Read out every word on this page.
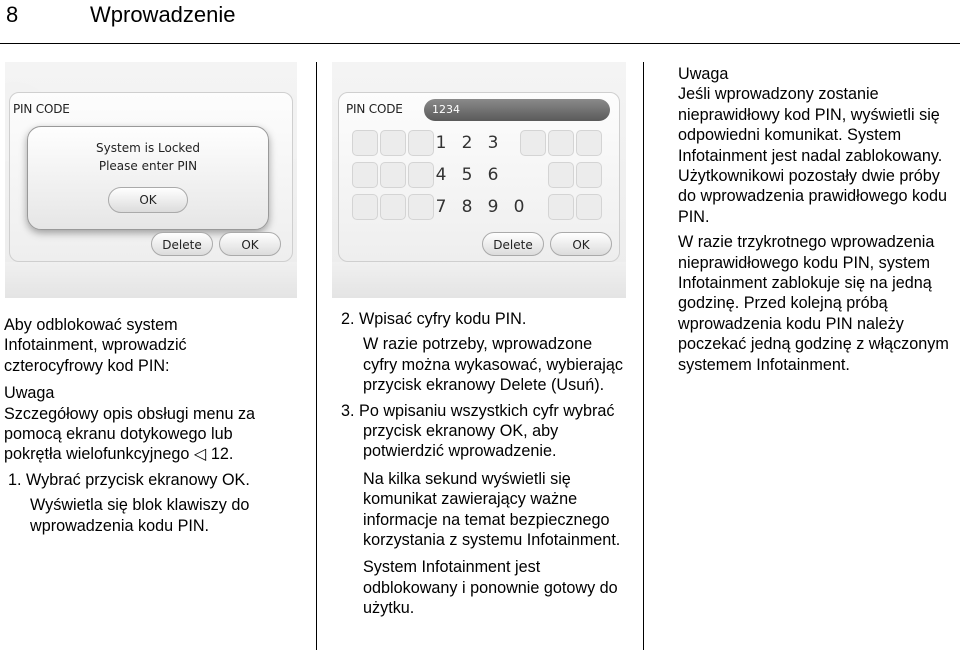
8	Wprowadzenie
PIN CODE
System is Locked
Please enter PIN
OK
Delete	OK
PIN CODE	1234
1 2 3
4 5 6
7 8 9 0
Delete	OK

Aby odblokować system Infotainment, wprowadzić czterocyfrowy kod PIN:

Uwaga

Szczegółowy opis obsługi menu za pomocą ekranu dotykowego lub pokrętła wielofunkcyjnego ◁ 12.

1. Wybrać przycisk ekranowy OK.

Wyświetla się blok klawiszy do wprowadzenia kodu PIN.

2. Wpisać cyfry kodu PIN.

W razie potrzeby, wprowadzone cyfry można wykasować, wybierając przycisk ekranowy Delete (Usuń).

3. Po wpisaniu wszystkich cyfr wybrać przycisk ekranowy OK, aby potwierdzić wprowadzenie.

Na kilka sekund wyświetli się komunikat zawierający ważne informacje na temat bezpiecznego korzystania z systemu Infotainment.

System Infotainment jest odblokowany i ponownie gotowy do użytku.

Uwaga

Jeśli wprowadzony zostanie nieprawidłowy kod PIN, wyświetli się odpowiedni komunikat. System Infotainment jest nadal zablokowany. Użytkownikowi pozostały dwie próby do wprowadzenia prawidłowego kodu PIN.

W razie trzykrotnego wprowadzenia nieprawidłowego kodu PIN, system Infotainment zablokuje się na jedną godzinę. Przed kolejną próbą wprowadzenia kodu PIN należy poczekać jedną godzinę z włączonym systemem Infotainment.
